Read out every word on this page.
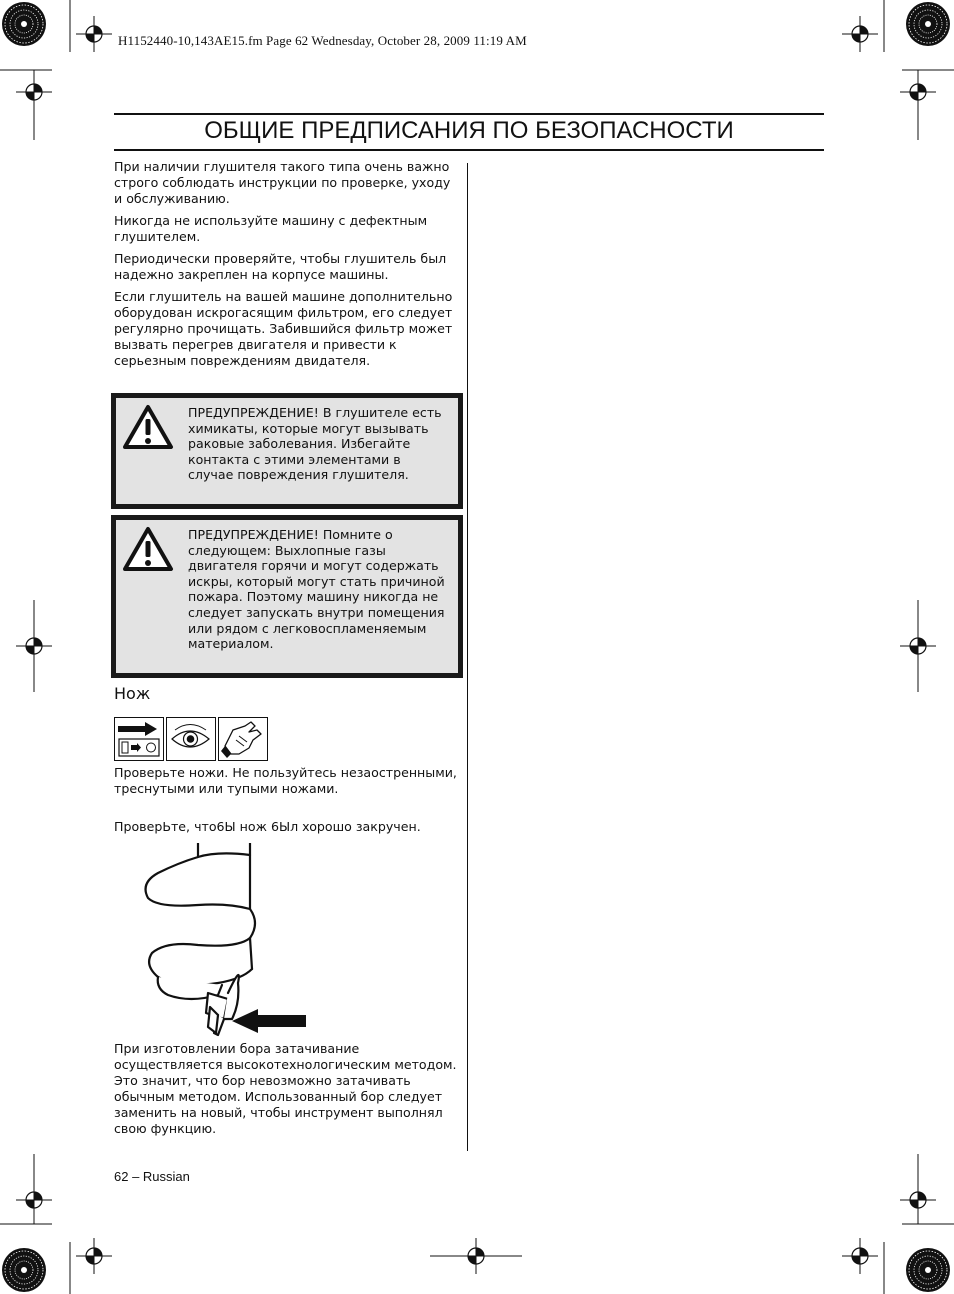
H1152440-10,143AE15.fm Page 62 Wednesday, October 28, 2009 11:19 AM
ОБЩИЕ ПРЕДПИСАНИЯ ПО БЕЗОПАСНОСТИ

При наличии глушителя такого типа очень важно строго соблюдать инструкции по проверке, уходу и обслуживанию.

Никогда не используйте машину с дефектным глушителем.

Периодически проверяйте, чтобы глушитель был надежно закреплен на корпусе машины.

Если глушитель на вашей машине дополнительно оборудован искрогасящим фильтром, его следует регулярно прочищать. Забившийся фильтр может вызвать перегрев двигателя и привести к серьезным повреждениям двидателя.

ПРЕДУПРЕЖДЕНИЕ! В глушителе есть химикаты, которые могут вызывать раковые заболевания. Избегайте контакта с этими элементами в случае повреждения глушителя.
ПРЕДУПРЕЖДЕНИЕ! Помните о следующем: Выхлопные газы двигателя горячи и могут содержать искры, который могут стать причиной пожара. Поэтому машину никогда не следует запускать внутри помещения или рядом с легковоспламеняемым материалом.
Нож

Проверьте ножи. Не пользуйтесь незаостренными, треснутыми или тупыми ножами.

ПровepЬтe, чтo6Ы нoж 6Ыл xopoшo зaкpучeн.

При изготовлении бора затачивание осуществляется высокотехнологическим методом. Это значит, что бор невозможно затачивать обычным методом. Использованный бор следует заменить на новый, чтобы инструмент выполнял свою функцию.

62 – Russian
